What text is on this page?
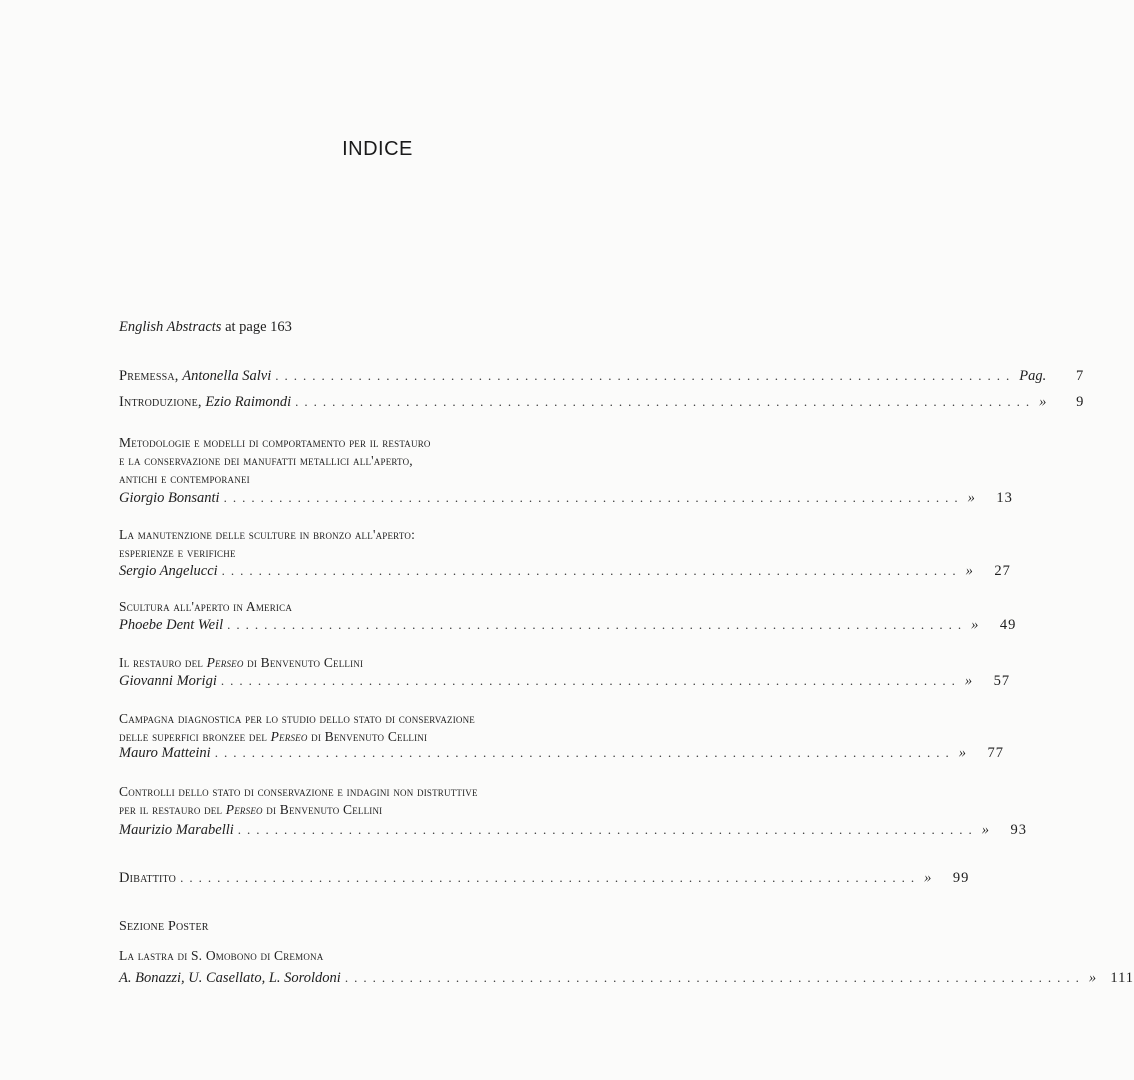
INDICE
English Abstracts at page 163
Premessa, Antonella Salvi ................................................................................ Pag.	7
Introduzione, Ezio Raimondi ................................................................................ »	9
Metodologie e modelli di comportamento per il restauro
e la conservazione dei manufatti metallici all'aperto,
antichi e contemporanei
Giorgio Bonsanti ................................................................................ »	13
La manutenzione delle sculture in bronzo all'aperto:
esperienze e verifiche
Sergio Angelucci ................................................................................ »	27
Scultura all'aperto in America
Phoebe Dent Weil ................................................................................ »	49
Il restauro del Perseo di Benvenuto Cellini
Giovanni Morigi ................................................................................ »	57
Campagna diagnostica per lo studio dello stato di conservazione
delle superfici bronzee del Perseo di Benvenuto Cellini
Mauro Matteini ................................................................................ »	77
Controlli dello stato di conservazione e indagini non distruttive
per il restauro del Perseo di Benvenuto Cellini
Maurizio Marabelli ................................................................................ »	93
Dibattito ................................................................................ »	99
Sezione Poster
La lastra di S. Omobono di Cremona
A. Bonazzi, U. Casellato, L. Soroldoni ................................................................................ » 111
